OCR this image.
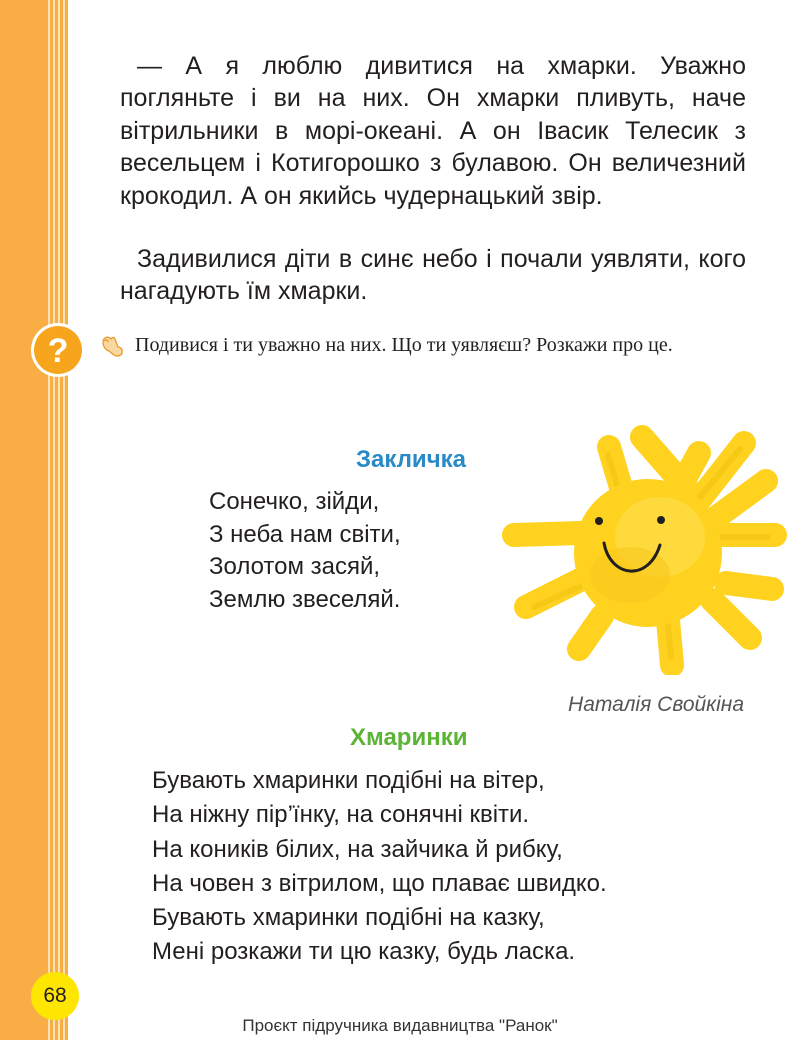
— А я люблю дивитися на хмарки. Уважно погляньте і ви на них. Он хмарки пливуть, наче вітрильники в морі-океані. А он Івасик Телесик з весельцем і Котигорошко з булавою. Он величезний крокодил. А он якийсь чудернацький звір.

Задивилися діти в синє небо і почали уявляти, кого нагадують їм хмарки.

?	Подивися і ти уважно на них. Що ти уявляєш? Розкажи про це.
Закличка
Сонечко, зійди,
З неба нам світи,
Золотом засяй,
Землю звеселяй.
Наталія Свойкіна
Хмаринки
Бувають хмаринки подібні на вітер,
На ніжну пір’їнку, на сонячні квіти.
На коників білих, на зайчика й рибку,
На човен з вітрилом, що плаває швидко.
Бувають хмаринки подібні на казку,
Мені розкажи ти цю казку, будь ласка.
68
Проєкт підручника видавництва "Ранок"
